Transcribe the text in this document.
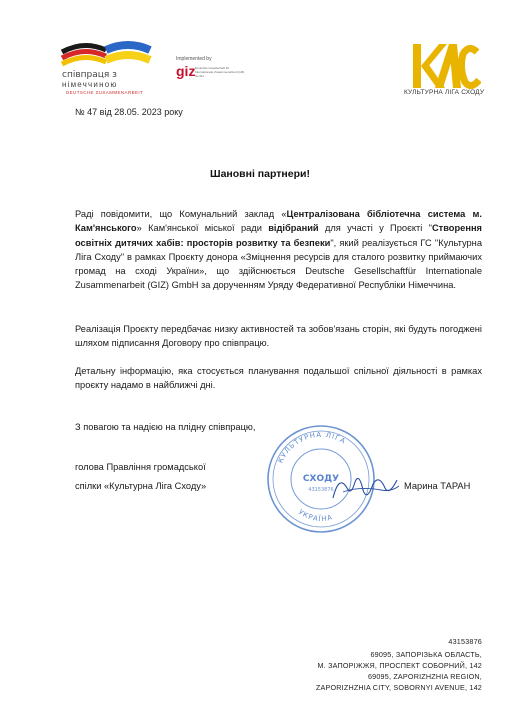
співпраця з
німеччиною
DEUTSCHE ZUSAMMENARBEIT
Implemented by
giz Deutsche Gesellschaft für Internationale Zusammenarbeit (GIZ) GmbH
КУЛЬТУРНА ЛІГА СХОДУ
№ 47 від 28.05. 2023 року
Шановні партнери!
Раді повідомити, що Комунальний заклад «Централізована бібліотечна система м. Кам'янського» Кам'янської міської ради відібраний для участі у Проєкті "Створення освітніх дитячих хабів: просторів розвитку та безпеки", який реалізується ГС "Культурна Ліга Сходу" в рамках Проєкту донора «Зміцнення ресурсів для сталого розвитку приймаючих громад на сході України», що здійснюється Deutsche Gesellschaftfür Internationale Zusammenarbeit (GIZ) GmbH за дорученням Уряду Федеративної Республіки Німеччина.
Реалізація Проєкту передбачає низку активностей та зобов'язань сторін, які будуть погоджені шляхом підписання Договору про співпрацю.
Детальну інформацію, яка стосується планування подальшої спільної діяльності в рамках проєкту надамо в найближчі дні.
З повагою та надією на плідну співпрацю,
голова Правління громадської
спілки «Культурна Ліга Сходу»
КУЛЬТУРНА ЛІГА
СХОДУ
43153876
УКРАЇНА
Марина ТАРАН
43153876
69095, ЗАПОРІЗЬКА ОБЛАСТЬ,
М. ЗАПОРІЖЖЯ, ПРОСПЕКТ СОБОРНИЙ, 142
69095, ZAPORIZHZHIA REGION,
ZAPORIZHZHIA CITY, SOBORNYI AVENUE, 142
